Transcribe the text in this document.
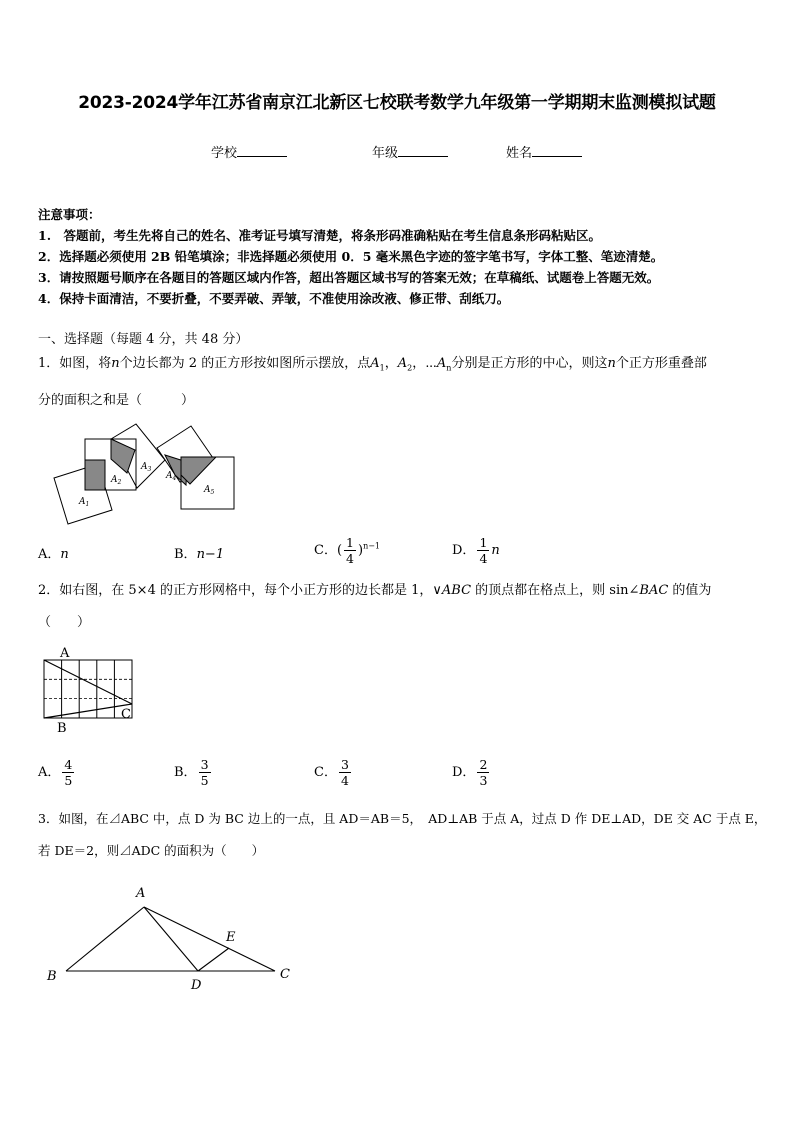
2023-2024学年江苏省南京江北新区七校联考数学九年级第一学期期末监测模拟试题
学校	年级	姓名
注意事项：
1.　答题前，考生先将自己的姓名、准考证号填写清楚，将条形码准确粘贴在考生信息条形码粘贴区。
2．选择题必须使用 2B 铅笔填涂；非选择题必须使用 0．5 毫米黑色字迹的签字笔书写，字体工整、笔迹清楚。
3．请按照题号顺序在各题目的答题区域内作答，超出答题区域书写的答案无效；在草稿纸、试题卷上答题无效。
4．保持卡面清洁，不要折叠，不要弄破、弄皱，不准使用涂改液、修正带、刮纸刀。
一、选择题（每题 4 分，共 48 分）
1．如图，将n个边长都为 2 的正方形按如图所示摆放，点$A_1$，$A_2$，$\cdots A_n$分别是正方形的中心，则这n个正方形重叠部
分的面积之和是（　　　）
$A_1$
$A_2$
$A_3$
$A_4$
$A_5$
A．n	B．n−1	C．( $\frac{1}{4} )^{n-1}$	D． $\frac{1}{4}$ n
2．如右图，在 5×4 的正方形网格中，每个小正方形的边长都是 1，∨ABC 的顶点都在格点上，则 sin∠BAC 的值为
（　　）
A
B
C
A． $\frac{4}{5}$	B． $\frac{3}{5}$	C． $\frac{3}{4}$	D． $\frac{2}{3}$
3．如图，在⊿ABC 中，点 D 为 BC 边上的一点，且 AD＝AB＝5，　AD⊥AB 于点 A，过点 D 作 DE⊥AD，DE 交 AC 于点 E，
若 DE＝2，则⊿ADC 的面积为（　　）
A
B	C
D
E
